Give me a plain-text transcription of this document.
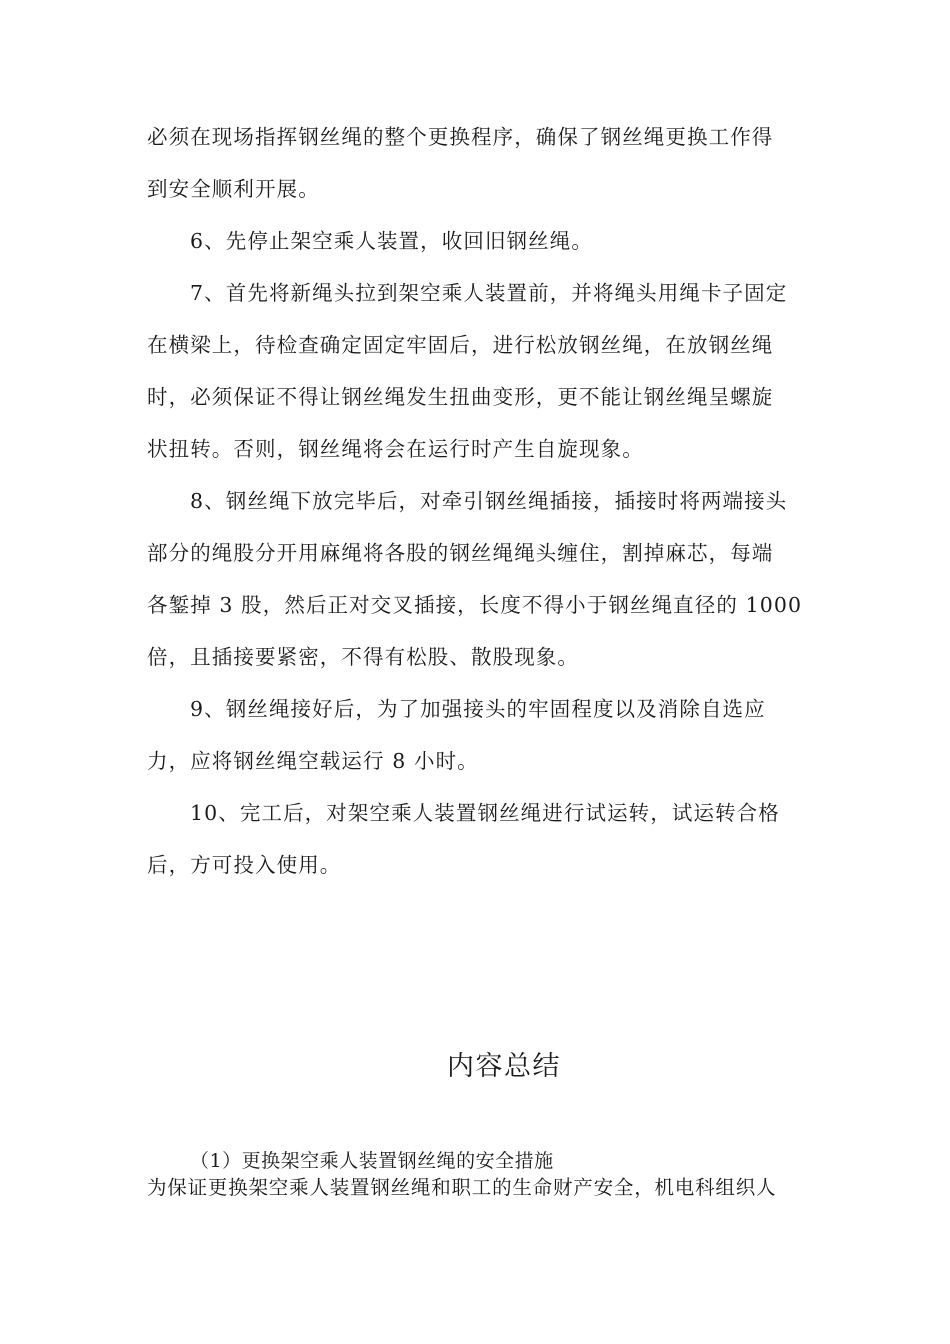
必须在现场指挥钢丝绳的整个更换程序，确保了钢丝绳更换工作得
到安全顺利开展。

6、先停止架空乘人装置，收回旧钢丝绳。

7、首先将新绳头拉到架空乘人装置前，并将绳头用绳卡子固定
在横梁上，待检查确定固定牢固后，进行松放钢丝绳，在放钢丝绳
时，必须保证不得让钢丝绳发生扭曲变形，更不能让钢丝绳呈螺旋
状扭转。否则，钢丝绳将会在运行时产生自旋现象。

8、钢丝绳下放完毕后，对牵引钢丝绳插接，插接时将两端接头
部分的绳股分开用麻绳将各股的钢丝绳绳头缠住，割掉麻芯，每端
各錾掉 3 股，然后正对交叉插接，长度不得小于钢丝绳直径的 1000
倍，且插接要紧密，不得有松股、散股现象。

9、钢丝绳接好后，为了加强接头的牢固程度以及消除自选应
力，应将钢丝绳空载运行 8 小时。

10、完工后，对架空乘人装置钢丝绳进行试运转，试运转合格
后，方可投入使用。

内容总结
（1）更换架空乘人装置钢丝绳的安全措施
为保证更换架空乘人装置钢丝绳和职工的生命财产安全，机电科组织人
